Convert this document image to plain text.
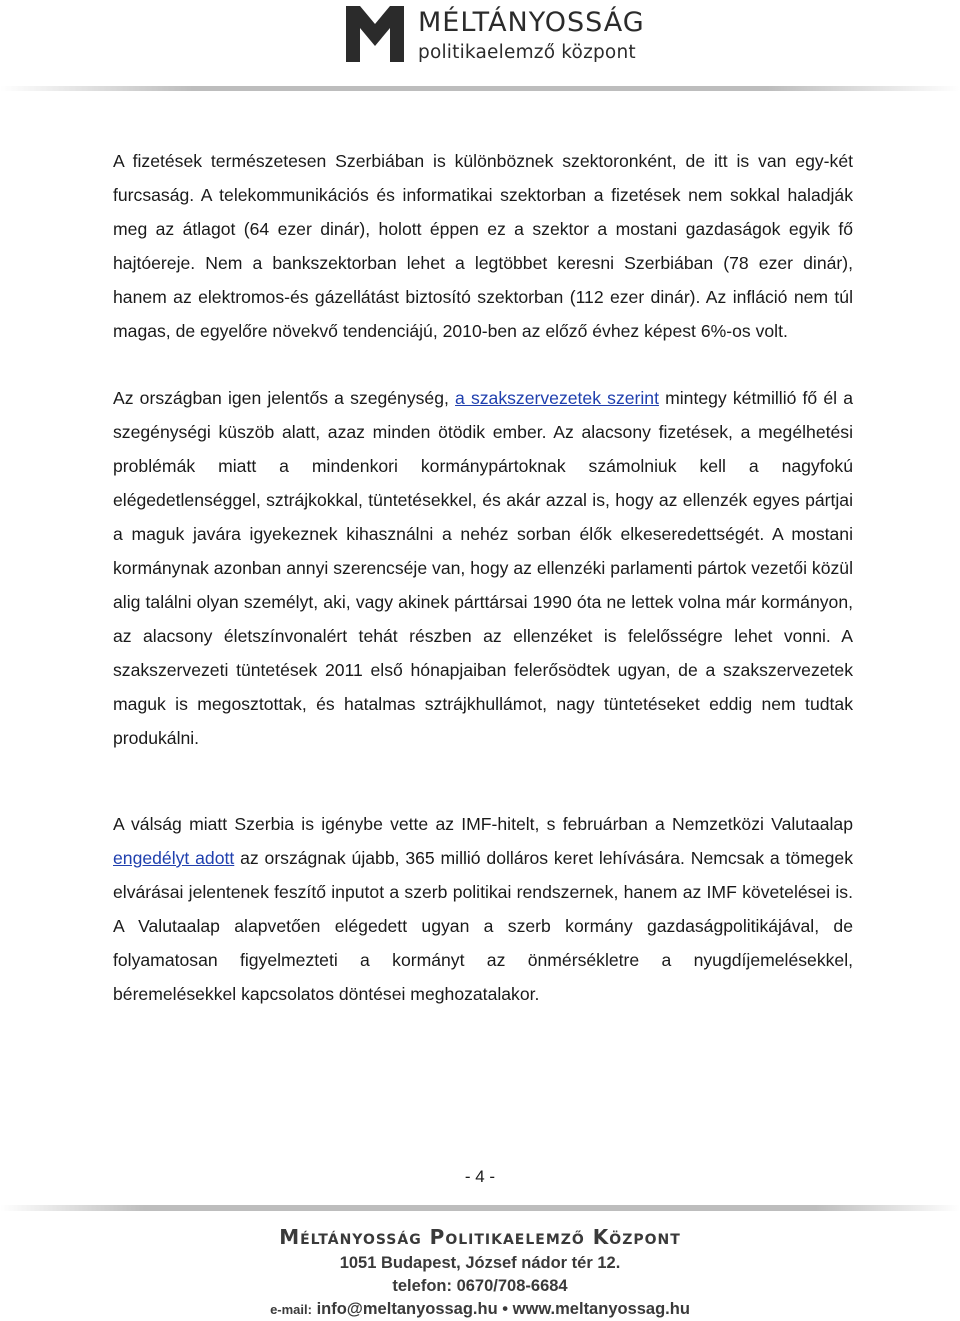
MÉLTÁNYOSSÁG
politikaelemző központ

A fizetések természetesen Szerbiában is különböznek szektoronként, de itt is van egy-két furcsaság. A telekommunikációs és informatikai szektorban a fizetések nem sokkal haladják meg az átlagot (64 ezer dinár), holott éppen ez a szektor a mostani gazdaságok egyik fő hajtóereje. Nem a bankszektorban lehet a legtöbbet keresni Szerbiában (78 ezer dinár), hanem az elektromos-és gázellátást biztosító szektorban (112 ezer dinár). Az infláció nem túl magas, de egyelőre növekvő tendenciájú, 2010-ben az előző évhez képest 6%-os volt.

Az országban igen jelentős a szegénység, a szakszervezetek szerint mintegy kétmillió fő él a szegénységi küszöb alatt, azaz minden ötödik ember. Az alacsony fizetések, a megélhetési problémák miatt a mindenkori kormánypártoknak számolniuk kell a nagyfokú elégedetlenséggel, sztrájkokkal, tüntetésekkel, és akár azzal is, hogy az ellenzék egyes pártjai a maguk javára igyekeznek kihasználni a nehéz sorban élők elkeseredettségét. A mostani kormánynak azonban annyi szerencséje van, hogy az ellenzéki parlamenti pártok vezetői közül alig találni olyan személyt, aki, vagy akinek párttársai 1990 óta ne lettek volna már kormányon, az alacsony életszínvonalért tehát részben az ellenzéket is felelősségre lehet vonni. A szakszervezeti tüntetések 2011 első hónapjaiban felerősödtek ugyan, de a szakszervezetek maguk is megosztottak, és hatalmas sztrájkhullámot, nagy tüntetéseket eddig nem tudtak produkálni.

A válság miatt Szerbia is igénybe vette az IMF-hitelt, s februárban a Nemzetközi Valutaalap engedélyt adott az országnak újabb, 365 millió dolláros keret lehívására. Nemcsak a tömegek elvárásai jelentenek feszítő inputot a szerb politikai rendszernek, hanem az IMF követelései is. A Valutaalap alapvetően elégedett ugyan a szerb kormány gazdaságpolitikájával, de folyamatosan figyelmezteti a kormányt az önmérsékletre a nyugdíjemelésekkel, béremelésekkel kapcsolatos döntései meghozatalakor.

- 4 -
Méltányosság Politikaelemző Központ
1051 Budapest, József nádor tér 12.
telefon: 0670/708-6684
e-mail: info@meltanyossag.hu • www.meltanyossag.hu
